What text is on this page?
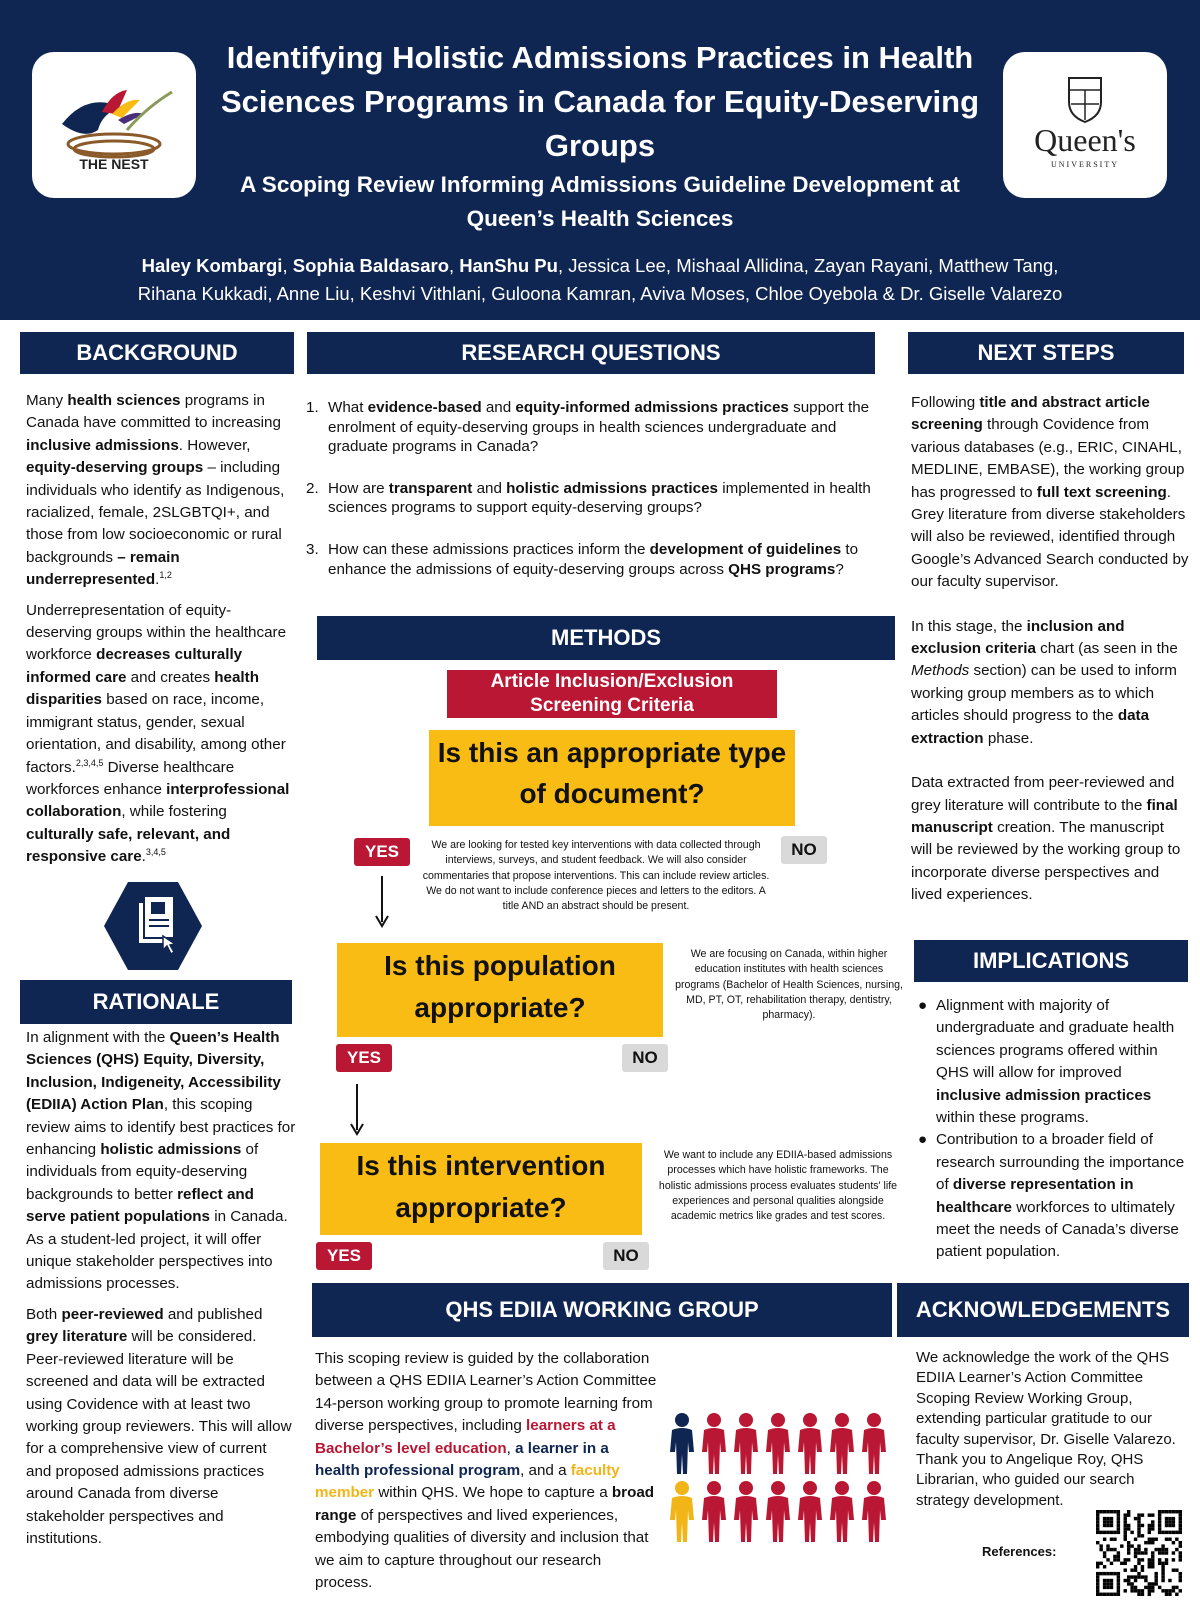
THE NEST
Queen's
UNIVERSITY
Identifying Holistic Admissions Practices in Health Sciences Programs in Canada for Equity-Deserving Groups
A Scoping Review Informing Admissions Guideline Development at Queen’s Health Sciences
Haley Kombargi, Sophia Baldasaro, HanShu Pu, Jessica Lee, Mishaal Allidina, Zayan Rayani, Matthew Tang,
Rihana Kukkadi, Anne Liu, Keshvi Vithlani, Guloona Kamran, Aviva Moses, Chloe Oyebola & Dr. Giselle Valarezo
BACKGROUND

Many health sciences programs in Canada have committed to increasing inclusive admissions. However, equity-deserving groups – including individuals who identify as Indigenous, racialized, female, 2SLGBTQI+, and those from low socioeconomic or rural backgrounds – remain underrepresented.$^{1,2}$

Underrepresentation of equity-deserving groups within the healthcare workforce decreases culturally informed care and creates health disparities based on race, income, immigrant status, gender, sexual orientation, and disability, among other factors.$^{2,3,4,5}$ Diverse healthcare workforces enhance interprofessional collaboration, while fostering culturally safe, relevant, and responsive care.$^{3,4,5}$

RATIONALE

In alignment with the Queen’s Health Sciences (QHS) Equity, Diversity, Inclusion, Indigeneity, Accessibility (EDIIA) Action Plan, this scoping review aims to identify best practices for enhancing holistic admissions of individuals from equity-deserving backgrounds to better reflect and serve patient populations in Canada. As a student-led project, it will offer unique stakeholder perspectives into admissions processes.

Both peer-reviewed and published grey literature will be considered. Peer-reviewed literature will be screened and data will be extracted using Covidence with at least two working group reviewers. This will allow for a comprehensive view of current and proposed admissions practices around Canada from diverse stakeholder perspectives and institutions.

RESEARCH QUESTIONS
1. What evidence-based and equity-informed admissions practices support the enrolment of equity-deserving groups in health sciences undergraduate and graduate programs in Canada?
2. How are transparent and holistic admissions practices implemented in health sciences programs to support equity-deserving groups?
3. How can these admissions practices inform the development of guidelines to enhance the admissions of equity-deserving groups across QHS programs?
METHODS
Article Inclusion/Exclusion Screening Criteria
Is this an appropriate type of document?
YES	NO
We are looking for tested key interventions with data collected through interviews, surveys, and student feedback. We will also consider commentaries that propose interventions. This can include review articles. We do not want to include conference pieces and letters to the editors. A title AND an abstract should be present.
Is this population appropriate?
We are focusing on Canada, within higher education institutes with health sciences programs (Bachelor of Health Sciences, nursing, MD, PT, OT, rehabilitation therapy, dentistry, pharmacy).
YES	NO
Is this intervention appropriate?
We want to include any EDIIA-based admissions processes which have holistic frameworks. The holistic admissions process evaluates students' life experiences and personal qualities alongside academic metrics like grades and test scores.
YES	NO
QHS EDIIA WORKING GROUP
This scoping review is guided by the collaboration between a QHS EDIIA Learner’s Action Committee 14-person working group to promote learning from diverse perspectives, including learners at a Bachelor’s level education, a learner in a health professional program, and a faculty member within QHS. We hope to capture a broad range of perspectives and lived experiences, embodying qualities of diversity and inclusion that we aim to capture throughout our research process.
NEXT STEPS

Following title and abstract article screening through Covidence from various databases (e.g., ERIC, CINAHL, MEDLINE, EMBASE), the working group has progressed to full text screening. Grey literature from diverse stakeholders will also be reviewed, identified through Google’s Advanced Search conducted by our faculty supervisor.

In this stage, the inclusion and exclusion criteria chart (as seen in the Methods section) can be used to inform working group members as to which articles should progress to the data extraction phase.

Data extracted from peer-reviewed and grey literature will contribute to the final manuscript creation. The manuscript will be reviewed by the working group to incorporate diverse perspectives and lived experiences.

IMPLICATIONS
● Alignment with majority of undergraduate and graduate health sciences programs offered within QHS will allow for improved inclusive admission practices within these programs.
● Contribution to a broader field of research surrounding the importance of diverse representation in healthcare workforces to ultimately meet the needs of Canada’s diverse patient population.
ACKNOWLEDGEMENTS
We acknowledge the work of the QHS EDIIA Learner’s Action Committee Scoping Review Working Group, extending particular gratitude to our faculty supervisor, Dr. Giselle Valarezo. Thank you to Angelique Roy, QHS Librarian, who guided our search strategy development.
References:
